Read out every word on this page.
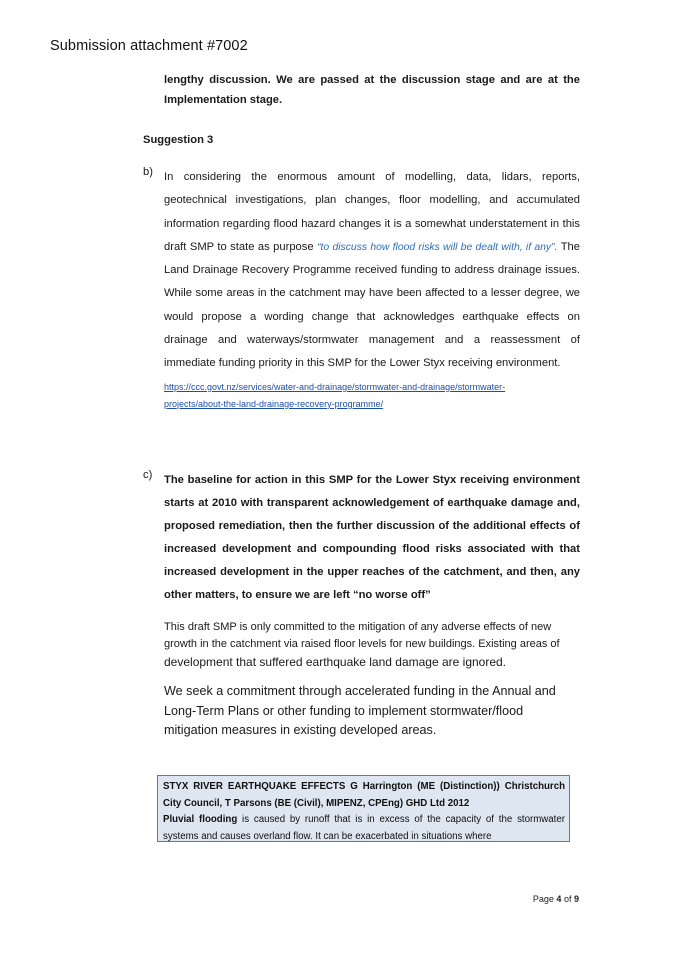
Submission attachment #7002
lengthy discussion. We are passed at the discussion stage and are at the Implementation stage.
Suggestion 3
b) In considering the enormous amount of modelling, data, lidars, reports, geotechnical investigations, plan changes, floor modelling, and accumulated information regarding flood hazard changes it is a somewhat understatement in this draft SMP to state as purpose “to discuss how flood risks will be dealt with, if any”. The Land Drainage Recovery Programme received funding to address drainage issues. While some areas in the catchment may have been affected to a lesser degree, we would propose a wording change that acknowledges earthquake effects on drainage and waterways/stormwater management and a reassessment of immediate funding priority in this SMP for the Lower Styx receiving environment.
https://ccc.govt.nz/services/water-and-drainage/stormwater-and-drainage/stormwater-
projects/about-the-land-drainage-recovery-programme/
c) The baseline for action in this SMP for the Lower Styx receiving environment starts at 2010 with transparent acknowledgement of earthquake damage and, proposed remediation, then the further discussion of the additional effects of increased development and compounding flood risks associated with that increased development in the upper reaches of the catchment, and then, any other matters, to ensure we are left “no worse off”
This draft SMP is only committed to the mitigation of any adverse effects of new growth in the catchment via raised floor levels for new buildings. Existing areas of development that suffered earthquake land damage are ignored.
We seek a commitment through accelerated funding in the Annual and Long-Term Plans or other funding to implement stormwater/flood mitigation measures in existing developed areas.
STYX RIVER EARTHQUAKE EFFECTS G Harrington (ME (Distinction)) Christchurch City Council, T Parsons (BE (Civil), MIPENZ, CPEng) GHD Ltd 2012
Pluvial flooding is caused by runoff that is in excess of the capacity of the stormwater systems and causes overland flow. It can be exacerbated in situations where
Page 4 of 9
